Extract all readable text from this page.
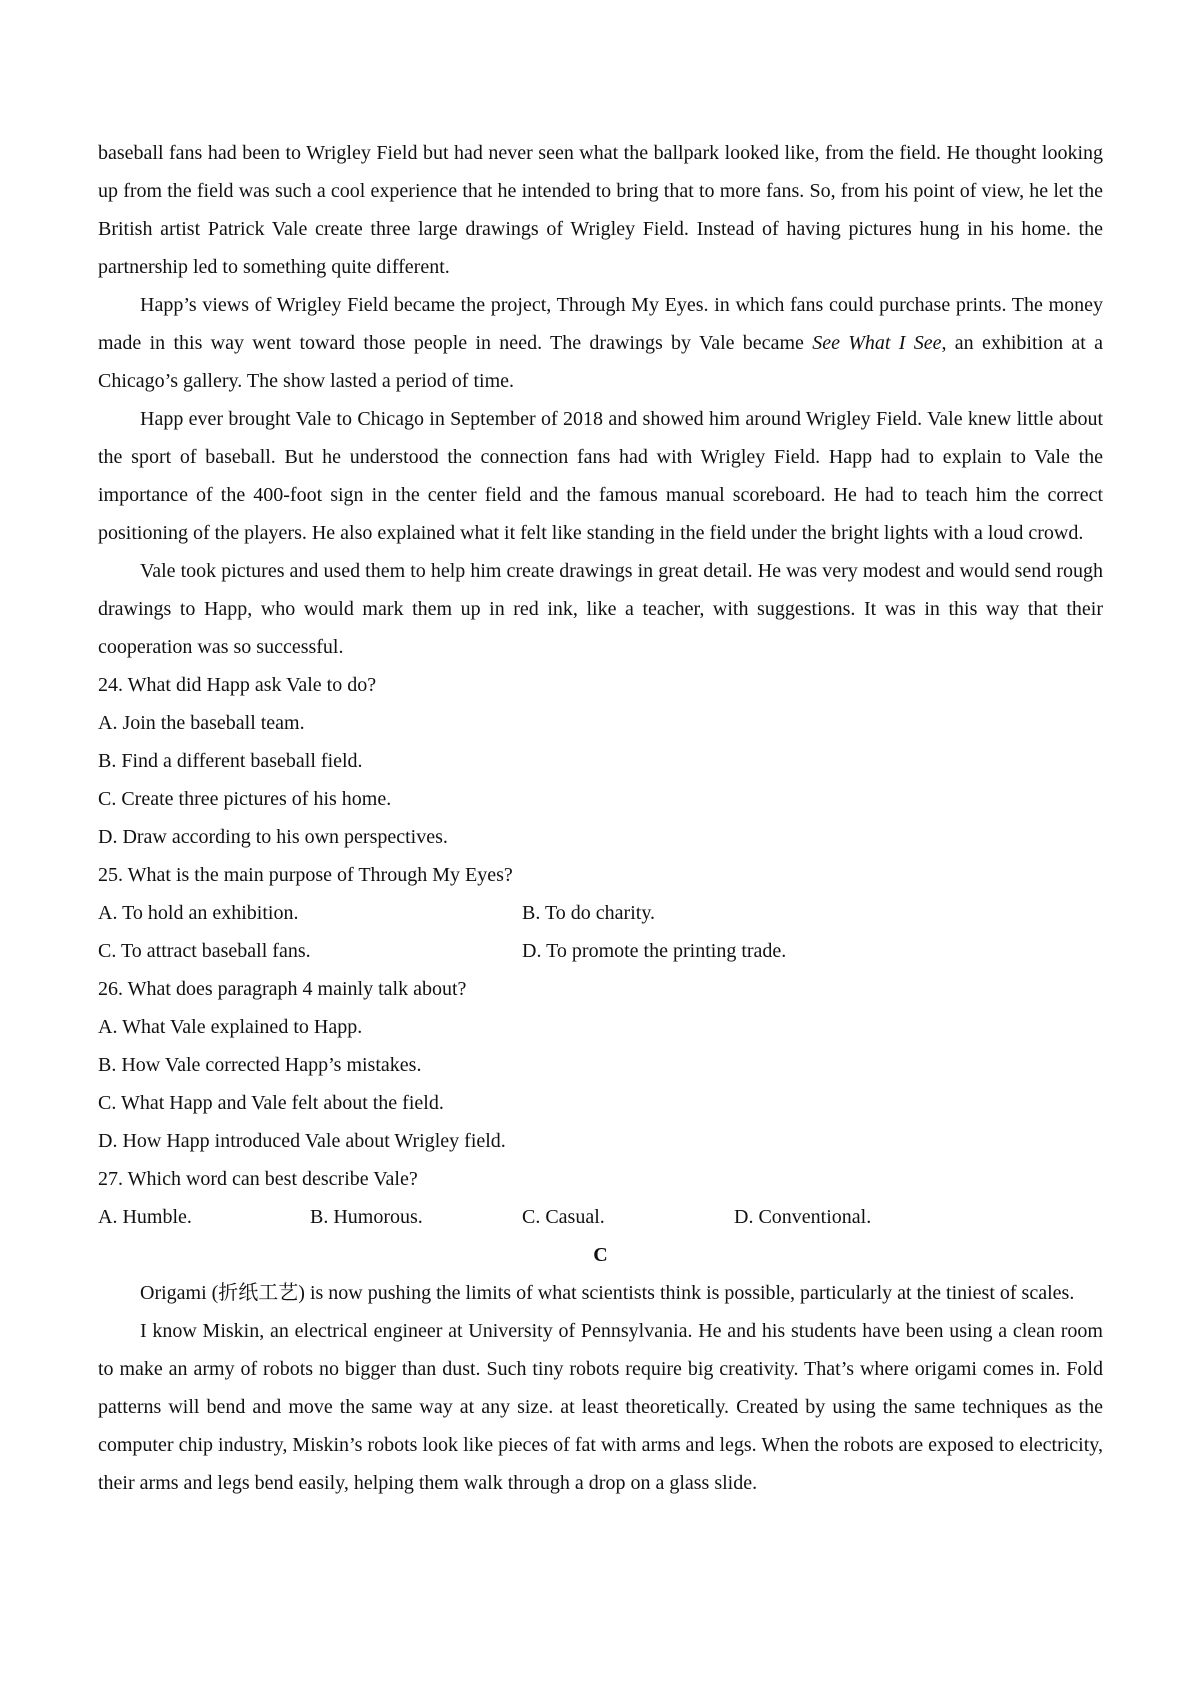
baseball fans had been to Wrigley Field but had never seen what the ballpark looked like, from the field. He thought looking up from the field was such a cool experience that he intended to bring that to more fans. So, from his point of view, he let the British artist Patrick Vale create three large drawings of Wrigley Field. Instead of having pictures hung in his home. the partnership led to something quite different.

Happ’s views of Wrigley Field became the project, Through My Eyes. in which fans could purchase prints. The money made in this way went toward those people in need. The drawings by Vale became See What I See, an exhibition at a Chicago’s gallery. The show lasted a period of time.

Happ ever brought Vale to Chicago in September of 2018 and showed him around Wrigley Field. Vale knew little about the sport of baseball. But he understood the connection fans had with Wrigley Field. Happ had to explain to Vale the importance of the 400-foot sign in the center field and the famous manual scoreboard. He had to teach him the correct positioning of the players. He also explained what it felt like standing in the field under the bright lights with a loud crowd.

Vale took pictures and used them to help him create drawings in great detail. He was very modest and would send rough drawings to Happ, who would mark them up in red ink, like a teacher, with suggestions. It was in this way that their cooperation was so successful.

24. What did Happ ask Vale to do?

A. Join the baseball team.

B. Find a different baseball field.

C. Create three pictures of his home.

D. Draw according to his own perspectives.

25. What is the main purpose of Through My Eyes?

A. To hold an exhibition.	B. To do charity.
C. To attract baseball fans.	D. To promote the printing trade.

26. What does paragraph 4 mainly talk about?

A. What Vale explained to Happ.

B. How Vale corrected Happ’s mistakes.

C. What Happ and Vale felt about the field.

D. How Happ introduced Vale about Wrigley field.

27. Which word can best describe Vale?

A. Humble.	B. Humorous.	C. Casual.	D. Conventional.

C

Origami (折纸工艺) is now pushing the limits of what scientists think is possible, particularly at the tiniest of scales.

I know Miskin, an electrical engineer at University of Pennsylvania. He and his students have been using a clean room to make an army of robots no bigger than dust. Such tiny robots require big creativity. That’s where origami comes in. Fold patterns will bend and move the same way at any size. at least theoretically. Created by using the same techniques as the computer chip industry, Miskin’s robots look like pieces of fat with arms and legs. When the robots are exposed to electricity, their arms and legs bend easily, helping them walk through a drop on a glass slide.
